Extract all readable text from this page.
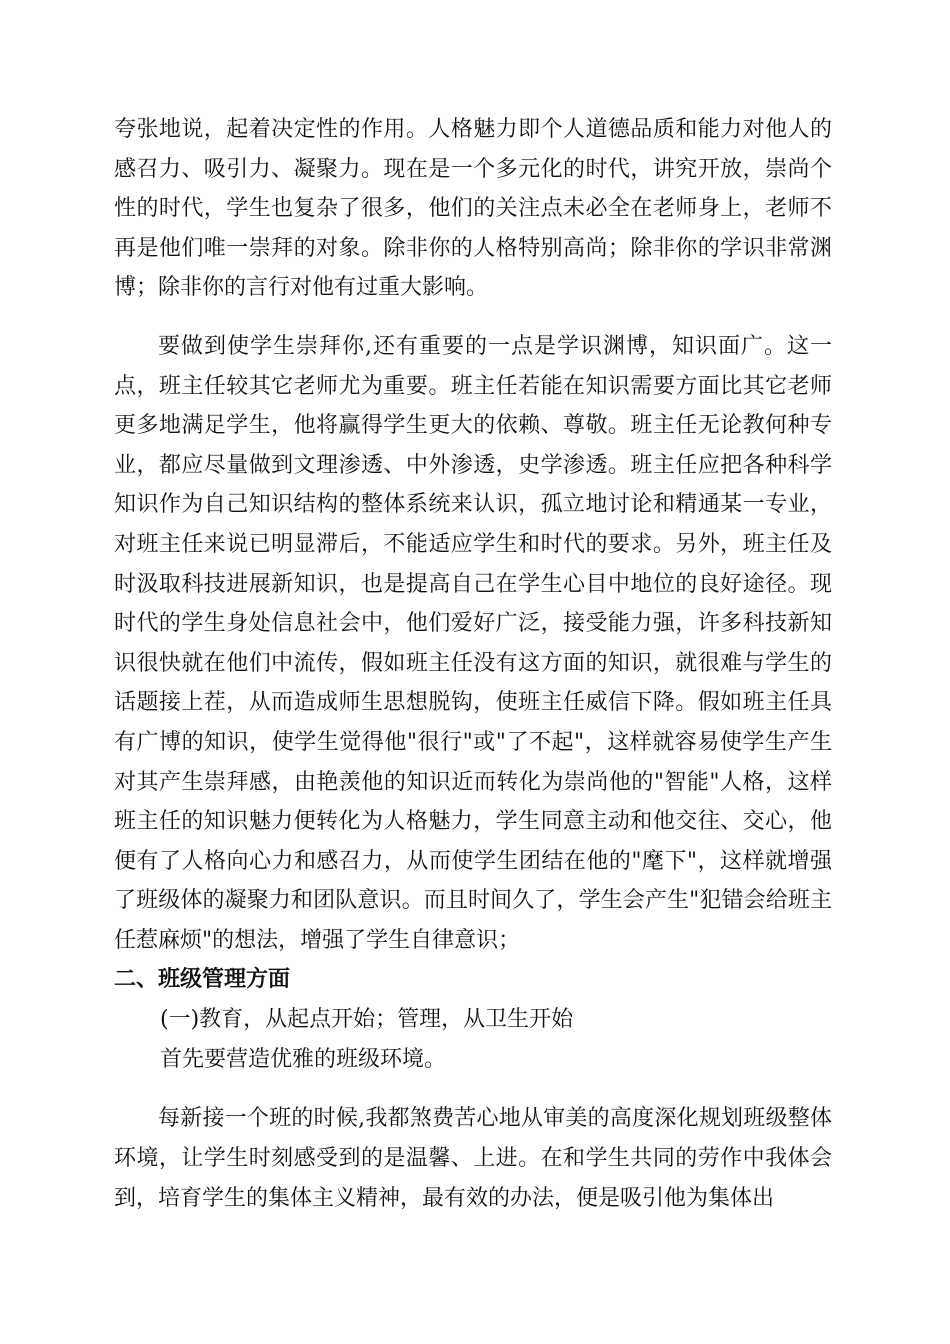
夸张地说，起着决定性的作用。人格魅力即个人道德品质和能力对他人的感召力、吸引力、凝聚力。现在是一个多元化的时代，讲究开放，崇尚个性的时代，学生也复杂了很多，他们的关注点未必全在老师身上，老师不再是他们唯一崇拜的对象。除非你的人格特别高尚；除非你的学识非常渊博；除非你的言行对他有过重大影响。

要做到使学生崇拜你,还有重要的一点是学识渊博，知识面广。这一点，班主任较其它老师尤为重要。班主任若能在知识需要方面比其它老师更多地满足学生，他将赢得学生更大的依赖、尊敬。班主任无论教何种专业，都应尽量做到文理渗透、中外渗透，史学渗透。班主任应把各种科学知识作为自己知识结构的整体系统来认识，孤立地讨论和精通某一专业，对班主任来说已明显滞后，不能适应学生和时代的要求。另外，班主任及时汲取科技进展新知识，也是提高自己在学生心目中地位的良好途径。现时代的学生身处信息社会中，他们爱好广泛，接受能力强，许多科技新知识很快就在他们中流传，假如班主任没有这方面的知识，就很难与学生的话题接上茬，从而造成师生思想脱钩，使班主任威信下降。假如班主任具有广博的知识，使学生觉得他"很行"或"了不起"，这样就容易使学生产生对其产生崇拜感，由艳羡他的知识近而转化为崇尚他的"智能"人格，这样班主任的知识魅力便转化为人格魅力，学生同意主动和他交往、交心，他便有了人格向心力和感召力，从而使学生团结在他的"麾下"，这样就增强了班级体的凝聚力和团队意识。而且时间久了，学生会产生"犯错会给班主任惹麻烦"的想法，增强了学生自律意识；

二、班级管理方面

(一)教育，从起点开始；管理，从卫生开始

首先要营造优雅的班级环境。

每新接一个班的时候,我都煞费苦心地从审美的高度深化规划班级整体环境，让学生时刻感受到的是温馨、上进。在和学生共同的劳作中我体会到，培育学生的集体主义精神，最有效的办法，便是吸引他为集体出
